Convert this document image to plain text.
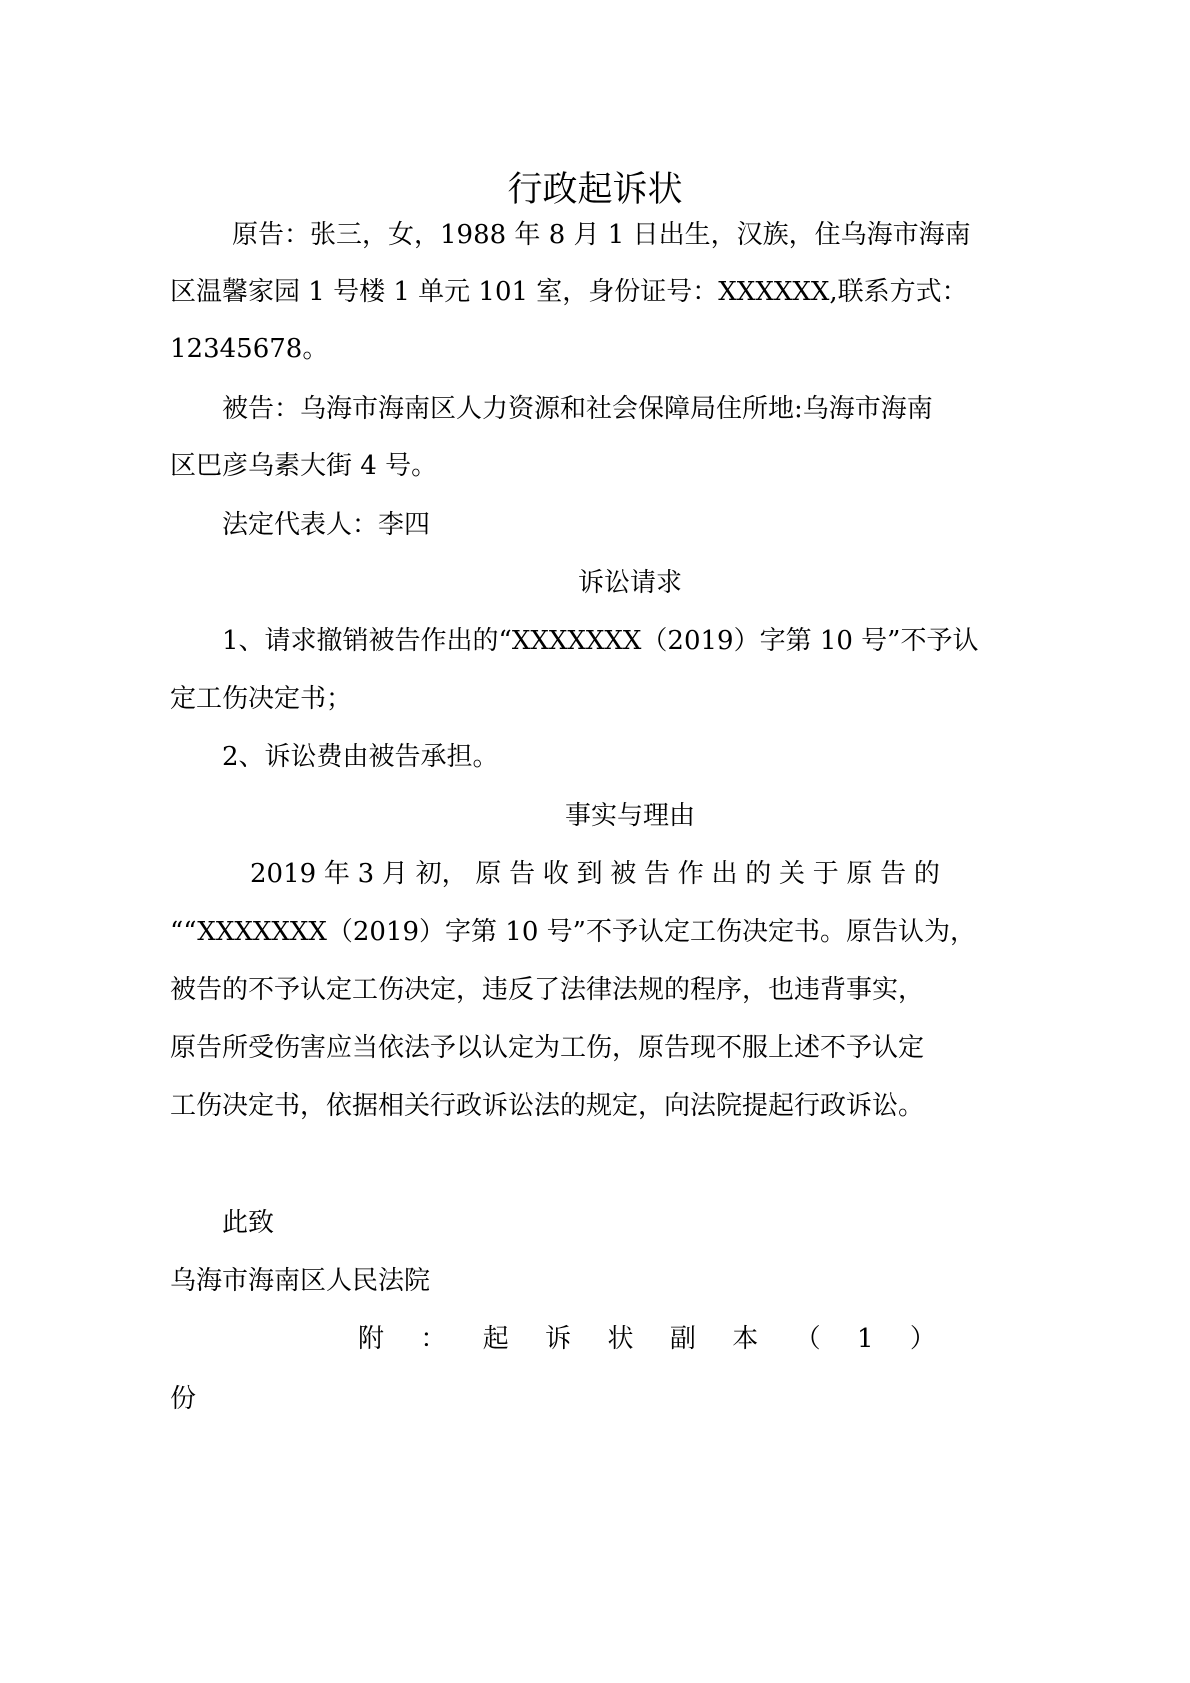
行政起诉状
原告：张三，女，1988 年 8 月 1 日出生，汉族，住乌海市海南
区温馨家园 1 号楼 1 单元 101 室，身份证号：XXXXXX,联系方式：
12345678。
被告：乌海市海南区人力资源和社会保障局住所地:乌海市海南
区巴彦乌素大街 4 号。
法定代表人：李四
诉讼请求
1、请求撤销被告作出的“XXXXXXX（2019）字第 10 号”不予认
定工伤决定书；
2、诉讼费由被告承担。
事实与理由
2019 年 3 月 初， 原 告 收 到 被 告 作 出 的 关 于 原 告 的
““XXXXXXX（2019）字第 10 号”不予认定工伤决定书。原告认为，
被告的不予认定工伤决定，违反了法律法规的程序，也违背事实，
原告所受伤害应当依法予以认定为工伤，原告现不服上述不予认定
工伤决定书，依据相关行政诉讼法的规定，向法院提起行政诉讼。
此致
乌海市海南区人民法院
附 ： 起 诉 状 副 本 （ 1 ）
份
